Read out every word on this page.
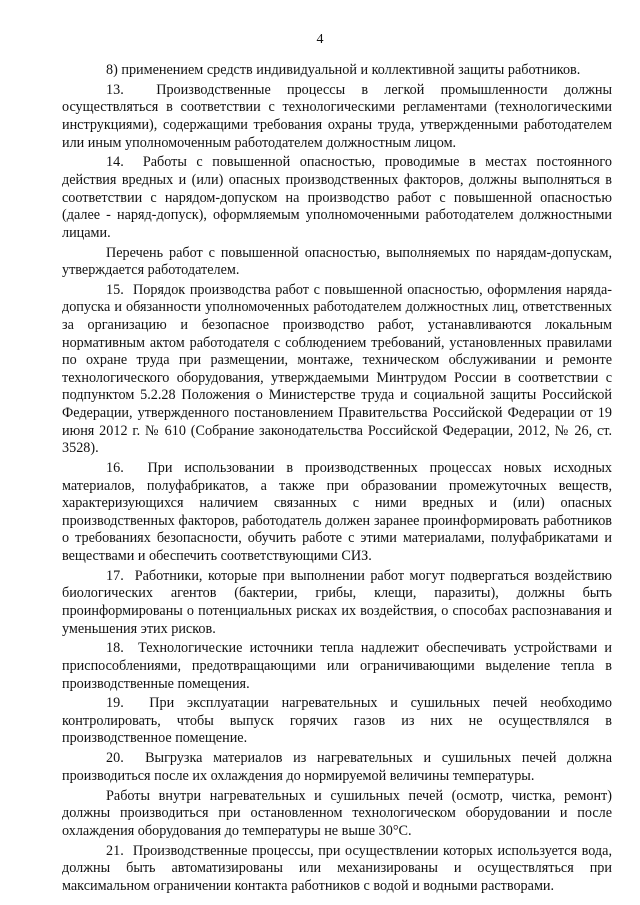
4

8) применением средств индивидуальной и коллективной защиты работников.

13.  Производственные процессы в легкой промышленности должны осуществляться в соответствии с технологическими регламентами (технологическими инструкциями), содержащими требования охраны труда, утвержденными работодателем или иным уполномоченным работодателем должностным лицом.

14.  Работы с повышенной опасностью, проводимые в местах постоянного действия вредных и (или) опасных производственных факторов, должны выполняться в соответствии с нарядом-допуском на производство работ с повышенной опасностью (далее - наряд-допуск), оформляемым уполномоченными работодателем должностными лицами.

Перечень работ с повышенной опасностью, выполняемых по нарядам-допускам, утверждается работодателем.

15.  Порядок производства работ с повышенной опасностью, оформления наряда-допуска и обязанности уполномоченных работодателем должностных лиц, ответственных за организацию и безопасное производство работ, устанавливаются локальным нормативным актом работодателя с соблюдением требований, установленных правилами по охране труда при размещении, монтаже, техническом обслуживании и ремонте технологического оборудования, утверждаемыми Минтрудом России в соответствии с подпунктом 5.2.28 Положения о Министерстве труда и социальной защиты Российской Федерации, утвержденного постановлением Правительства Российской Федерации от 19 июня 2012 г. № 610 (Собрание законодательства Российской Федерации, 2012, № 26, ст. 3528).

16.  При использовании в производственных процессах новых исходных материалов, полуфабрикатов, а также при образовании промежуточных веществ, характеризующихся наличием связанных с ними вредных и (или) опасных производственных факторов, работодатель должен заранее проинформировать работников о требованиях безопасности, обучить работе с этими материалами, полуфабрикатами и веществами и обеспечить соответствующими СИЗ.

17.  Работники, которые при выполнении работ могут подвергаться воздействию биологических агентов (бактерии, грибы, клещи, паразиты), должны быть проинформированы о потенциальных рисках их воздействия, о способах распознавания и уменьшения этих рисков.

18.  Технологические источники тепла надлежит обеспечивать устройствами и приспособлениями, предотвращающими или ограничивающими выделение тепла в производственные помещения.

19.  При эксплуатации нагревательных и сушильных печей необходимо контролировать, чтобы выпуск горячих газов из них не осуществлялся в производственное помещение.

20.  Выгрузка материалов из нагревательных и сушильных печей должна производиться после их охлаждения до нормируемой величины температуры.

Работы внутри нагревательных и сушильных печей (осмотр, чистка, ремонт) должны производиться при остановленном технологическом оборудовании и после охлаждения оборудования до температуры не выше 30°С.

21.  Производственные процессы, при осуществлении которых используется вода, должны быть автоматизированы или механизированы и осуществляться при максимальном ограничении контакта работников с водой и водными растворами.
